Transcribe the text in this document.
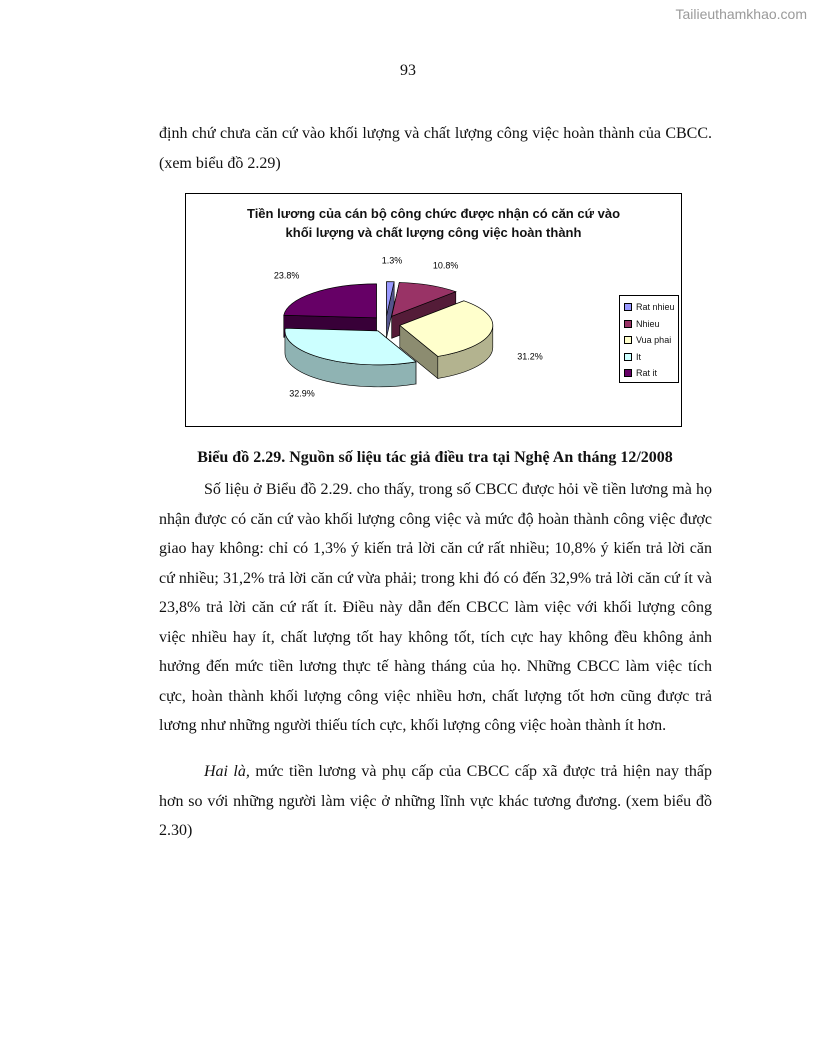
Tailieuthamkhao.com
93

định chứ chưa căn cứ vào khối lượng và chất lượng công việc hoàn thành của CBCC. (xem biểu đồ 2.29)

Tiền lương của cán bộ công chức được nhận có căn cứ vào
khối lượng và chất lượng công việc hoàn thành
1.3%	10.8%
31.2%
32.9%
23.8%
Rat nhieu
Nhieu
Vua phai
It
Rat it
Biểu đồ 2.29. Nguồn số liệu tác giả điều tra tại Nghệ An tháng 12/2008

Số liệu ở Biểu đồ 2.29. cho thấy, trong số CBCC được hỏi về tiền lương mà họ nhận được có căn cứ vào khối lượng công việc và mức độ hoàn thành công việc được giao hay không: chỉ có 1,3% ý kiến trả lời căn cứ rất nhiều; 10,8% ý kiến trả lời căn cứ nhiều; 31,2% trả lời căn cứ vừa phải; trong khi đó có đến 32,9% trả lời căn cứ ít và 23,8% trả lời căn cứ rất ít. Điều này dẫn đến CBCC làm việc với khối lượng công việc nhiều hay ít, chất lượng tốt hay không tốt, tích cực hay không đều không ảnh hưởng đến mức tiền lương thực tế hàng tháng của họ. Những CBCC làm việc tích cực, hoàn thành khối lượng công việc nhiều hơn, chất lượng tốt hơn cũng được trả lương như những người thiếu tích cực, khối lượng công việc hoàn thành ít hơn.

Hai là, mức tiền lương và phụ cấp của CBCC cấp xã được trả hiện nay thấp hơn so với những người làm việc ở những lĩnh vực khác tương đương. (xem biểu đồ 2.30)
